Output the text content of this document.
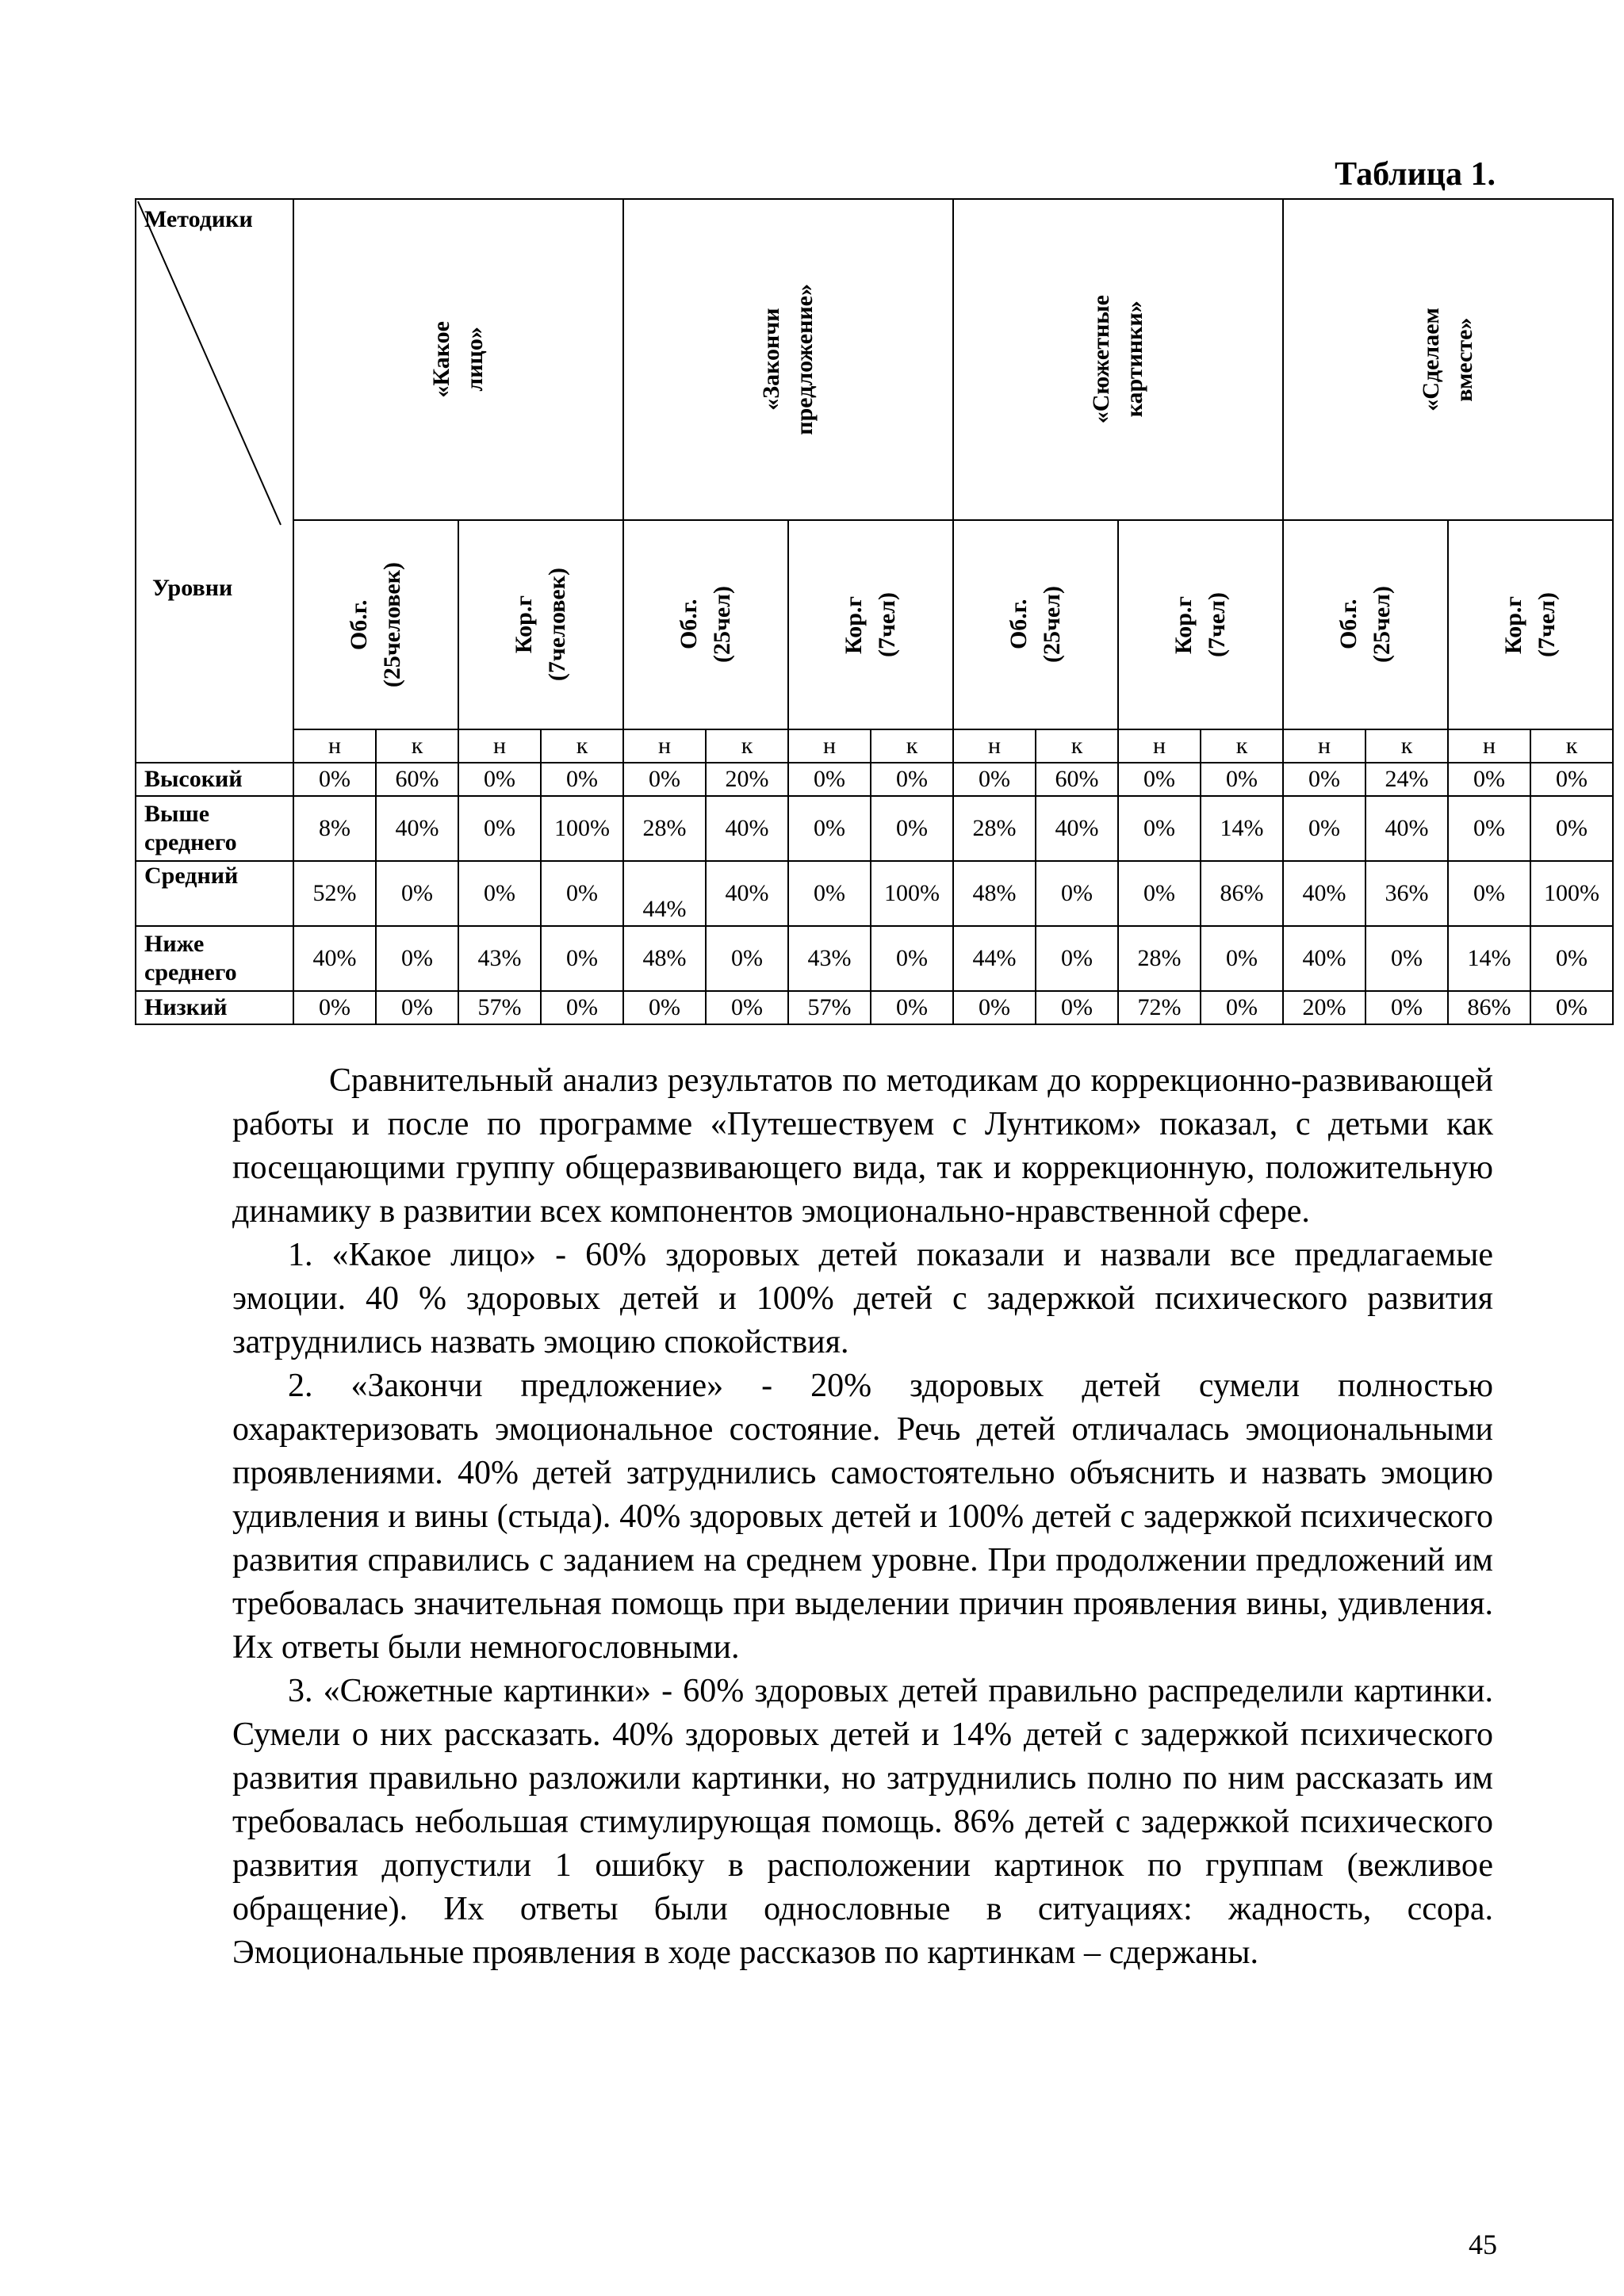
Таблица 1.
Методики
Уровни	«Какое
лицо»				«Закончи
предложение»				«Сюжетные
картинки»				«Сделаем
вместе»			

	Об.г.
(25человек)		Кор.г
(7человек)		Об.г.
(25чел)		Кор.г
(7чел)		Об.г.
(25чел)		Кор.г
(7чел)		Об.г.
(25чел)		Кор.г
(7чел)	

	н	к	н	к	н	к	н	к	н	к	н	к	н	к	н	к
Высокий	0%	60%	0%	0%	0%	20%	0%	0%	0%	60%	0%	0%	0%	24%	0%	0%
Выше
среднего	8%	40%	0%	100%	28%	40%	0%	0%	28%	40%	0%	14%	0%	40%	0%	0%
Средний	52%	0%	0%	0%	44%	40%	0%	100%	48%	0%	0%	86%	40%	36%	0%	100%
Ниже
среднего	40%	0%	43%	0%	48%	0%	43%	0%	44%	0%	28%	0%	40%	0%	14%	0%
Низкий	0%	0%	57%	0%	0%	0%	57%	0%	0%	0%	72%	0%	20%	0%	86%	0%

Сравнительный анализ результатов по методикам до коррекционно-развивающей работы и после по программе «Путешествуем с Лунтиком» показал, с детьми как посещающими группу общеразвивающего вида, так и коррекционную, положительную динамику в развитии всех компонентов эмоционально-нравственной сфере.

1. «Какое лицо» - 60% здоровых детей показали и назвали все предлагаемые эмоции. 40 % здоровых детей и 100% детей с задержкой психического развития затруднились назвать эмоцию спокойствия.

2. «Закончи предложение» - 20% здоровых детей сумели полностью охарактеризовать эмоциональное состояние. Речь детей отличалась эмоциональными проявлениями. 40% детей затруднились самостоятельно объяснить и назвать эмоцию удивления и вины (стыда). 40% здоровых детей и 100% детей с задержкой психического развития справились с заданием на среднем уровне. При продолжении предложений им требовалась значительная помощь при выделении причин проявления вины, удивления. Их ответы были немногословными.

3. «Сюжетные картинки» - 60% здоровых детей правильно распределили картинки. Сумели о них рассказать. 40% здоровых детей и 14% детей с задержкой психического развития правильно разложили картинки, но затруднились полно по ним рассказать им требовалась небольшая стимулирующая помощь. 86% детей с задержкой психического развития допустили 1 ошибку в расположении картинок по группам (вежливое обращение). Их ответы были однословные в ситуациях: жадность, ссора. Эмоциональные проявления в ходе рассказов по картинкам – сдержаны.

45
